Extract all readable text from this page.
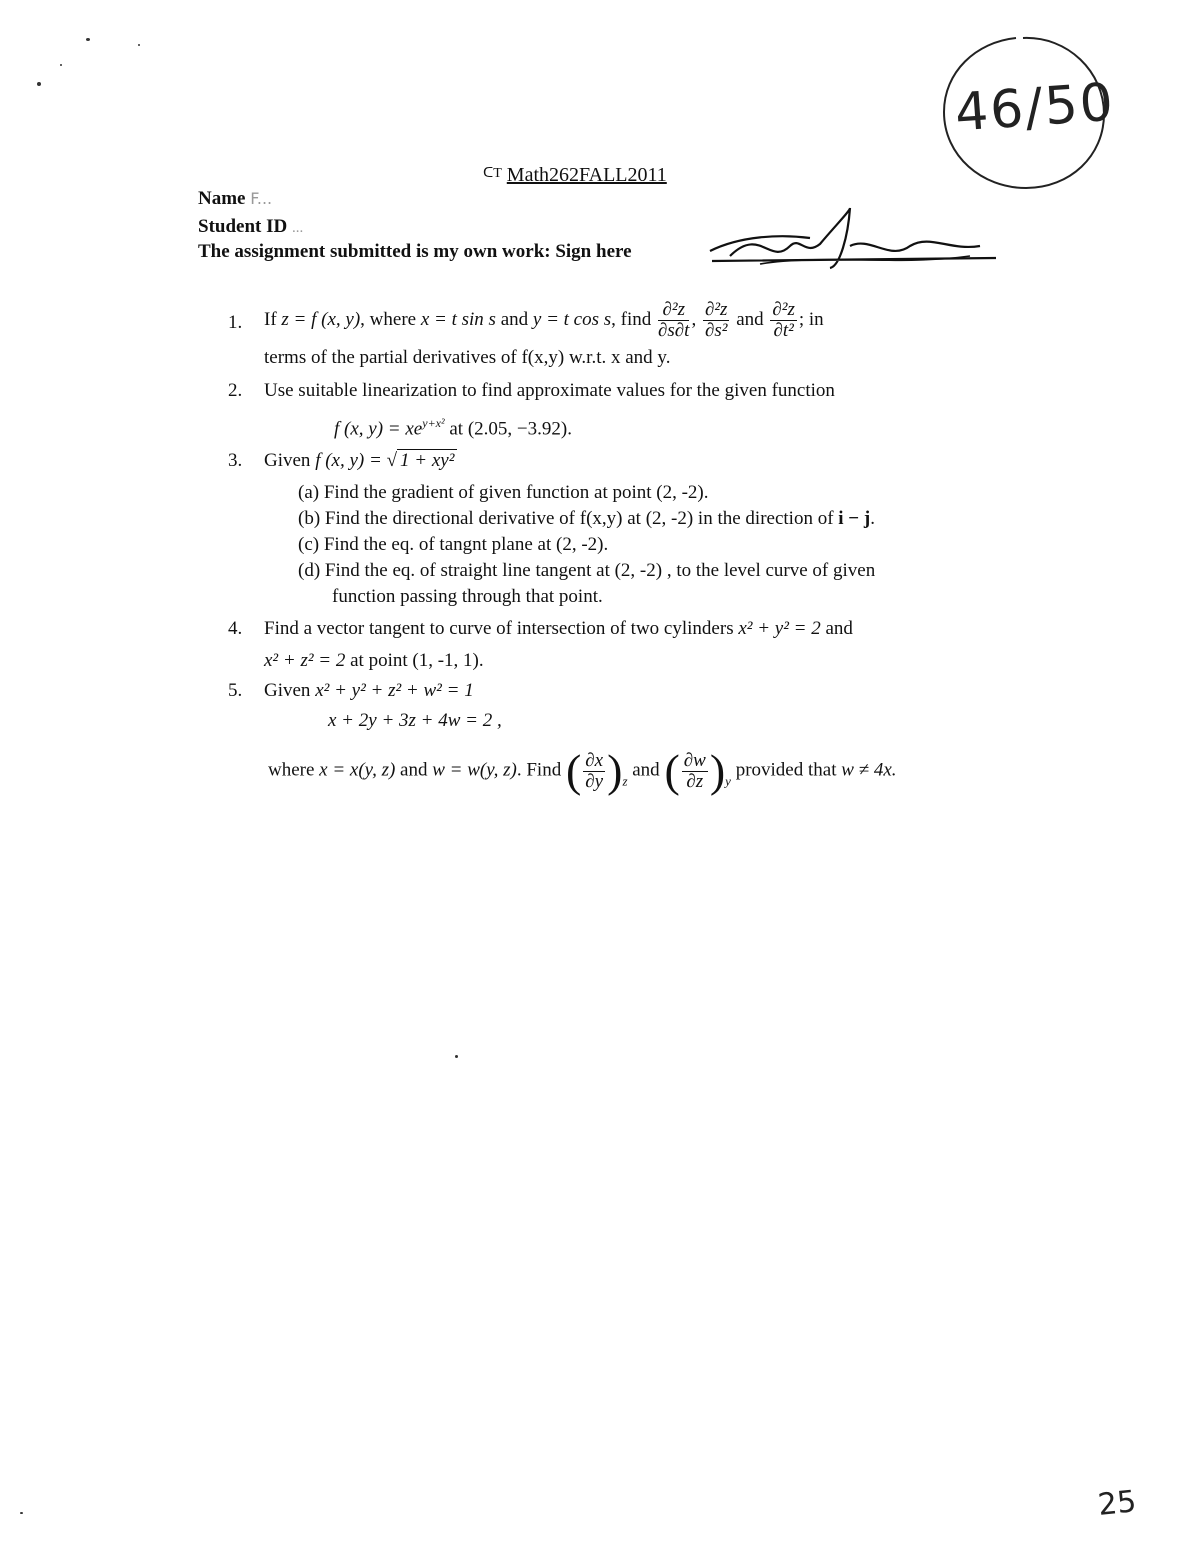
46/50
$^{ᑕT}$ Math262FALL2011
Name F...
Student ID ...
The assignment submitted is my own work: Sign here
1. If z = f (x, y), where x = t sin s and y = t cos s, find $\frac{\text{∂²z}}{\partial s\partial t}$ , $\frac{\text{∂²z}}{\text{∂s²}}$ and $\frac{\text{∂²z}}{\text{∂t²}}$ ; in
terms of the partial derivatives of f(x,y) w.r.t. x and y.
2. Use suitable linearization to find approximate values for the given function
f (x, $y) = xe^{y+x^2}$ at (2.05, −3.92).
3. Given f (x, y) = √ 1 + xy²
(a) Find the gradient of given function at point (2, -2).
(b) Find the directional derivative of f(x,y) at (2, -2) in the direction of i − j.
(c) Find the eq. of tangnt plane at (2, -2).
(d) Find the eq. of straight line tangent at (2, -2) , to the level curve of given
function passing through that point.
4. Find a vector tangent to curve of intersection of two cylinders x² + y² = 2 and
x² + z² = 2 at point (1, -1, 1).
5. Given x² + y² + z² + w² = 1
x + 2y + 3z + 4w = 2 ,
where x = x(y, z) and w = w(y, z). Find ( $\frac{\partial x}{\partial y} )_z$ and ( $\frac{\partial w}{\partial z} )_y$ provided that w ≠ 4x.
25
